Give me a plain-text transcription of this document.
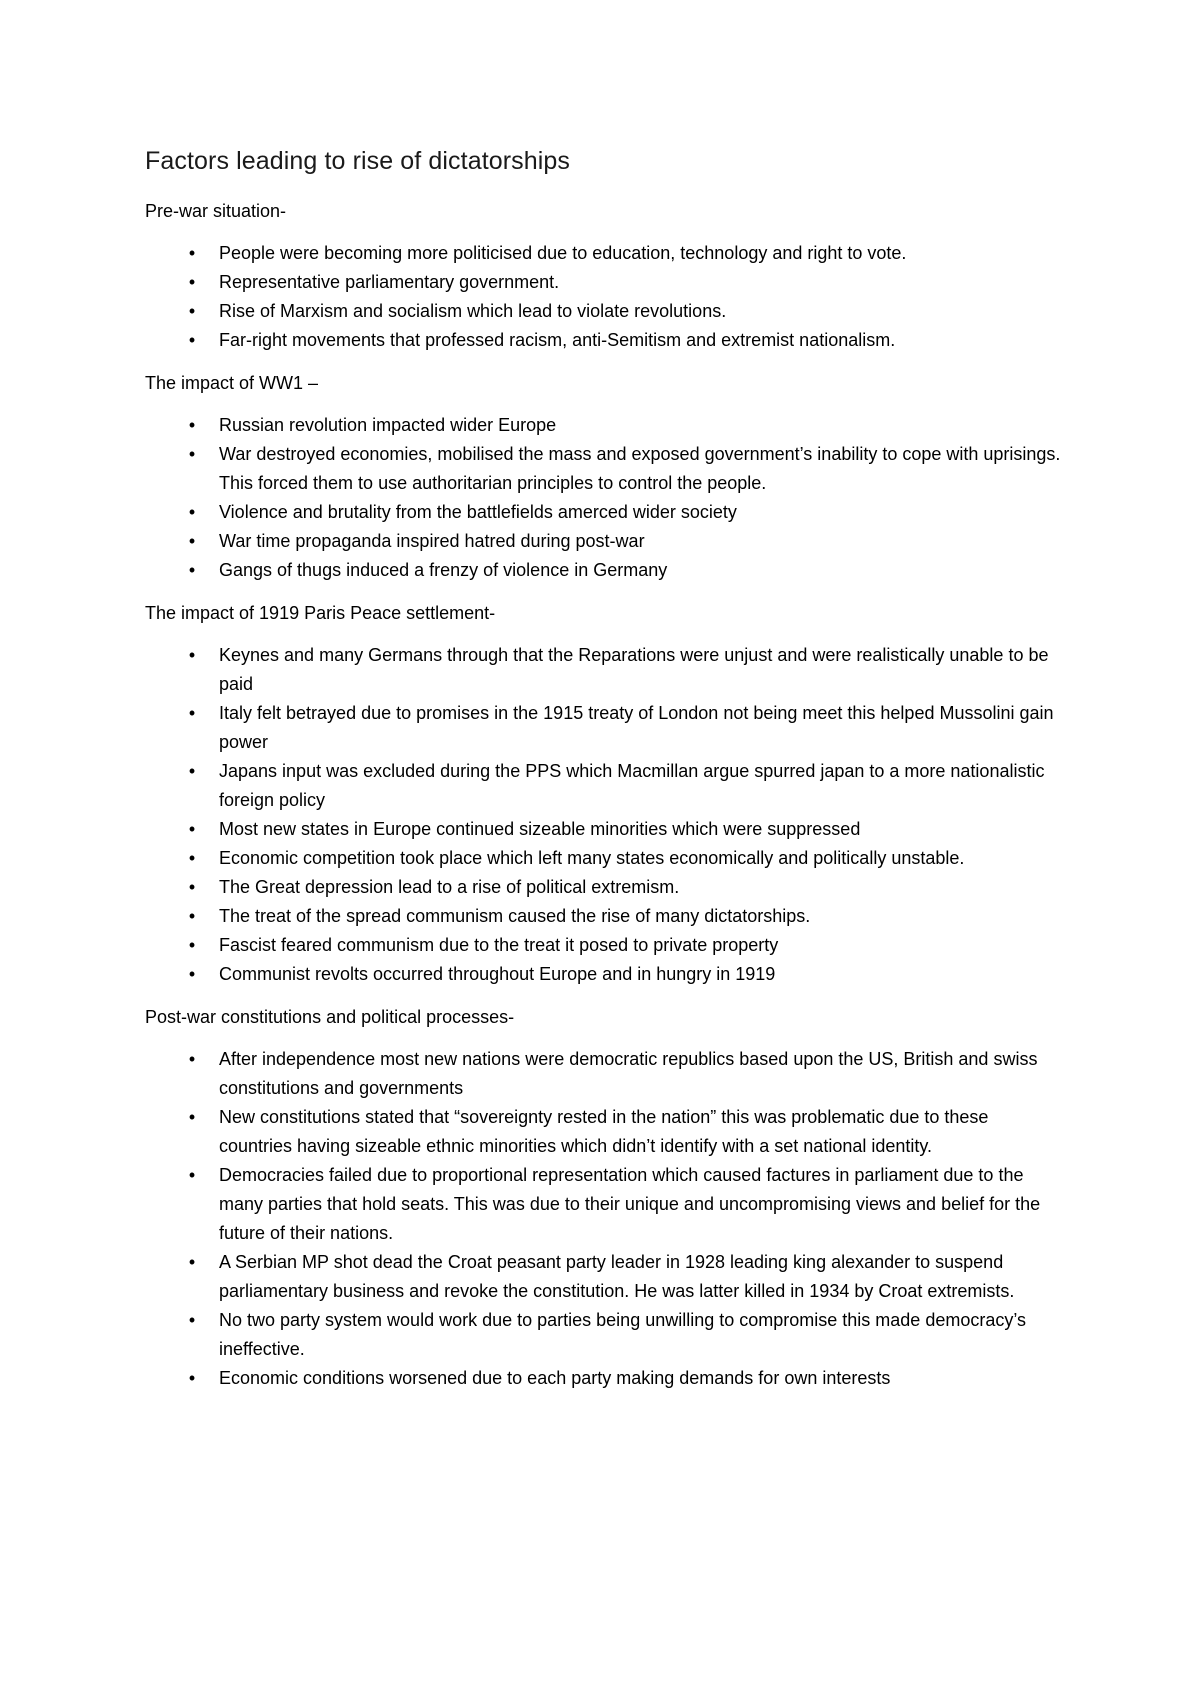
Factors leading to rise of dictatorships

Pre-war situation-

• People were becoming more politicised due to education, technology and right to vote.
• Representative parliamentary government.
• Rise of Marxism and socialism which lead to violate revolutions.
• Far-right movements that professed racism, anti-Semitism and extremist nationalism.

The impact of WW1 –

• Russian revolution impacted wider Europe
• War destroyed economies, mobilised the mass and exposed government’s inability to cope with uprisings. This forced them to use authoritarian principles to control the people.
• Violence and brutality from the battlefields amerced wider society
• War time propaganda inspired hatred during post-war
• Gangs of thugs induced a frenzy of violence in Germany

The impact of 1919 Paris Peace settlement-

• Keynes and many Germans through that the Reparations were unjust and were realistically unable to be paid
• Italy felt betrayed due to promises in the 1915 treaty of London not being meet this helped Mussolini gain power
• Japans input was excluded during the PPS which Macmillan argue spurred japan to a more nationalistic foreign policy
• Most new states in Europe continued sizeable minorities which were suppressed
• Economic competition took place which left many states economically and politically unstable.
• The Great depression lead to a rise of political extremism.
• The treat of the spread communism caused the rise of many dictatorships.
• Fascist feared communism due to the treat it posed to private property
• Communist revolts occurred throughout Europe and in hungry in 1919

Post-war constitutions and political processes-

• After independence most new nations were democratic republics based upon the US, British and swiss constitutions and governments
• New constitutions stated that “sovereignty rested in the nation” this was problematic due to these countries having sizeable ethnic minorities which didn’t identify with a set national identity.
• Democracies failed due to proportional representation which caused factures in parliament due to the many parties that hold seats. This was due to their unique and uncompromising views and belief for the future of their nations.
• A Serbian MP shot dead the Croat peasant party leader in 1928 leading king alexander to suspend parliamentary business and revoke the constitution. He was latter killed in 1934 by Croat extremists.
• No two party system would work due to parties being unwilling to compromise this made democracy’s ineffective.
• Economic conditions worsened due to each party making demands for own interests
